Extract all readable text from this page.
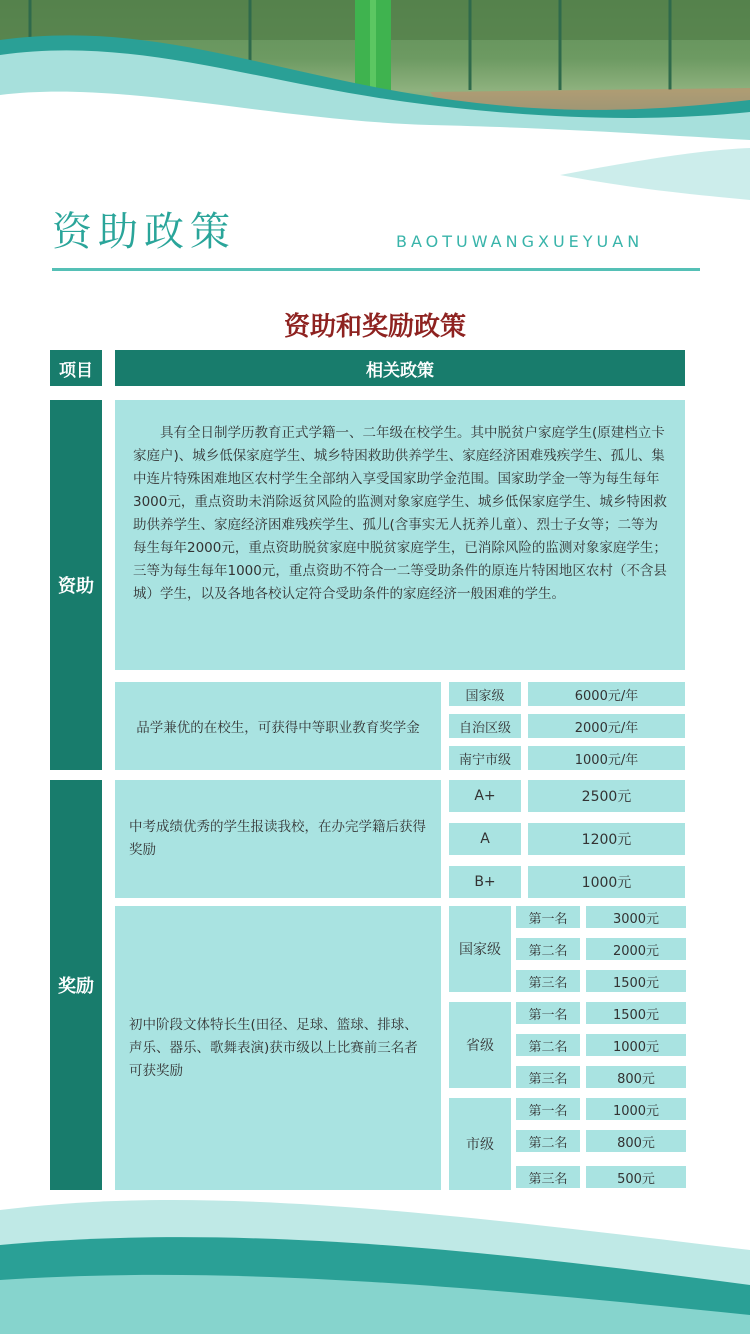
资助政策	BAOTUWANGXUEYUAN
资助和奖励政策
项目	相关政策
资助
具有全日制学历教育正式学籍一、二年级在校学生。其中脱贫户家庭学生(原建档立卡家庭户)、城乡低保家庭学生、城乡特困救助供养学生、家庭经济困难残疾学生、孤儿、集中连片特殊困难地区农村学生全部纳入享受国家助学金范围。国家助学金一等为每生每年3000元，重点资助未消除返贫风险的监测对象家庭学生、城乡低保家庭学生、城乡特困救助供养学生、家庭经济困难残疾学生、孤儿(含事实无人抚养儿童）、烈士子女等；二等为每生每年2000元，重点资助脱贫家庭中脱贫家庭学生，已消除风险的监测对象家庭学生；三等为每生每年1000元，重点资助不符合一二等受助条件的原连片特困地区农村（不含县城）学生，以及各地各校认定符合受助条件的家庭经济一般困难的学生。
品学兼优的在校生，可获得中等职业教育奖学金
国家级	6000元/年
自治区级	2000元/年
南宁市级	1000元/年
奖励
中考成绩优秀的学生报读我校，在办完学籍后获得奖励
A+	2500元
A	1200元
B+	1000元
初中阶段文体特长生(田径、足球、篮球、排球、声乐、器乐、歌舞表演)获市级以上比赛前三名者可获奖励
国家级
第一名	3000元
第二名	2000元
第三名	1500元
省级
第一名	1500元
第二名	1000元
第三名	800元
市级
第一名	1000元
第二名	800元
第三名	500元
